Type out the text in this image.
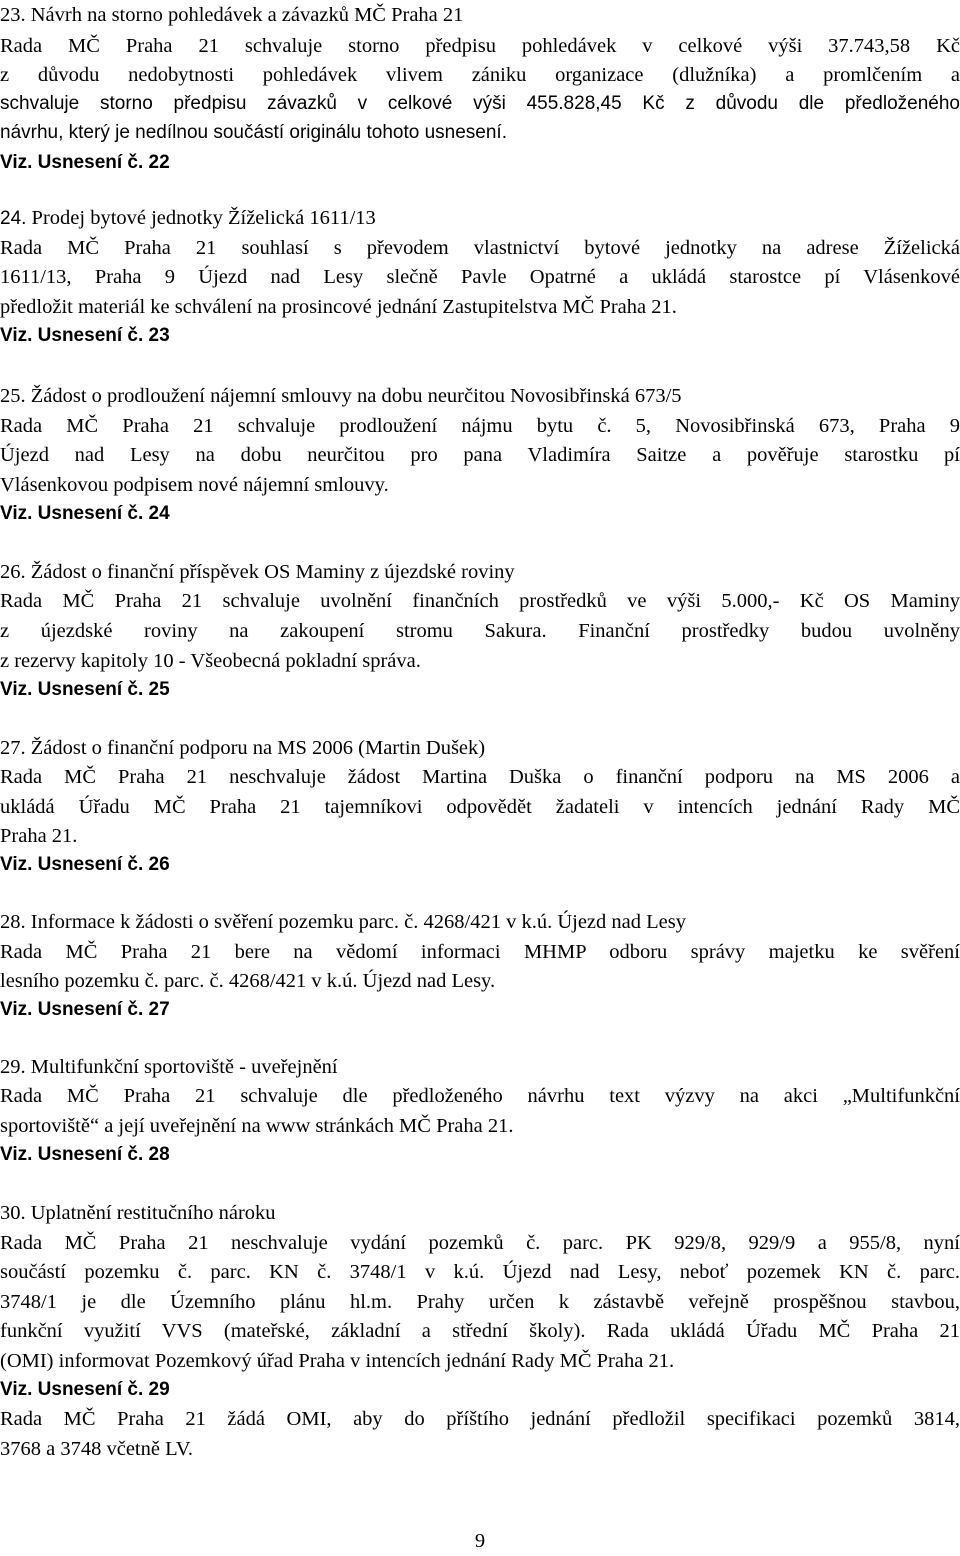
23. Návrh na storno pohledávek a závazků MČ Praha 21
Rada MČ Praha 21 schvaluje storno předpisu pohledávek v celkové výši 37.743,58 Kč
z důvodu nedobytnosti pohledávek vlivem zániku organizace (dlužníka) a promlčením a
schvaluje storno předpisu závazků v celkové výši 455.828,45 Kč z důvodu dle předloženého
návrhu, který je nedílnou součástí originálu tohoto usnesení.
Viz. Usnesení č. 22
24. Prodej bytové jednotky Žíželická 1611/13
Rada MČ Praha 21 souhlasí s převodem vlastnictví bytové jednotky na adrese Žíželická
1611/13, Praha 9 Újezd nad Lesy slečně Pavle Opatrné a ukládá starostce pí Vlásenkové
předložit materiál ke schválení na prosincové jednání Zastupitelstva MČ Praha 21.
Viz. Usnesení č. 23
25. Žádost o prodloužení nájemní smlouvy na dobu neurčitou Novosibřinská 673/5
Rada MČ Praha 21 schvaluje prodloužení nájmu bytu č. 5, Novosibřinská 673, Praha 9
Újezd nad Lesy na dobu neurčitou pro pana Vladimíra Saitze a pověřuje starostku pí
Vlásenkovou podpisem nové nájemní smlouvy.
Viz. Usnesení č. 24
26. Žádost o finanční příspěvek OS Maminy z újezdské roviny
Rada MČ Praha 21 schvaluje uvolnění finančních prostředků ve výši 5.000,- Kč OS Maminy
z újezdské roviny na zakoupení stromu Sakura. Finanční prostředky budou uvolněny
z rezervy kapitoly 10 - Všeobecná pokladní správa.
Viz. Usnesení č. 25
27. Žádost o finanční podporu na MS 2006 (Martin Dušek)
Rada MČ Praha 21 neschvaluje žádost Martina Duška o finanční podporu na MS 2006 a
ukládá Úřadu MČ Praha 21 tajemníkovi odpovědět žadateli v intencích jednání Rady MČ
Praha 21.
Viz. Usnesení č. 26
28. Informace k žádosti o svěření pozemku parc. č. 4268/421 v k.ú. Újezd nad Lesy
Rada MČ Praha 21 bere na vědomí informaci MHMP odboru správy majetku ke svěření
lesního pozemku č. parc. č. 4268/421 v k.ú. Újezd nad Lesy.
Viz. Usnesení č. 27
29. Multifunkční sportoviště - uveřejnění
Rada MČ Praha 21 schvaluje dle předloženého návrhu text výzvy na akci „Multifunkční
sportoviště“ a její uveřejnění na www stránkách MČ Praha 21.
Viz. Usnesení č. 28
30. Uplatnění restitučního nároku
Rada MČ Praha 21 neschvaluje vydání pozemků č. parc. PK 929/8, 929/9 a 955/8, nyní
součástí pozemku č. parc. KN č. 3748/1 v k.ú. Újezd nad Lesy, neboť pozemek KN č. parc.
3748/1 je dle Územního plánu hl.m. Prahy určen k zástavbě veřejně prospěšnou stavbou,
funkční využití VVS (mateřské, základní a střední školy). Rada ukládá Úřadu MČ Praha 21
(OMI) informovat Pozemkový úřad Praha v intencích jednání Rady MČ Praha 21.
Viz. Usnesení č. 29
Rada MČ Praha 21 žádá OMI, aby do příštího jednání předložil specifikaci pozemků 3814,
3768 a 3748 včetně LV.
9
